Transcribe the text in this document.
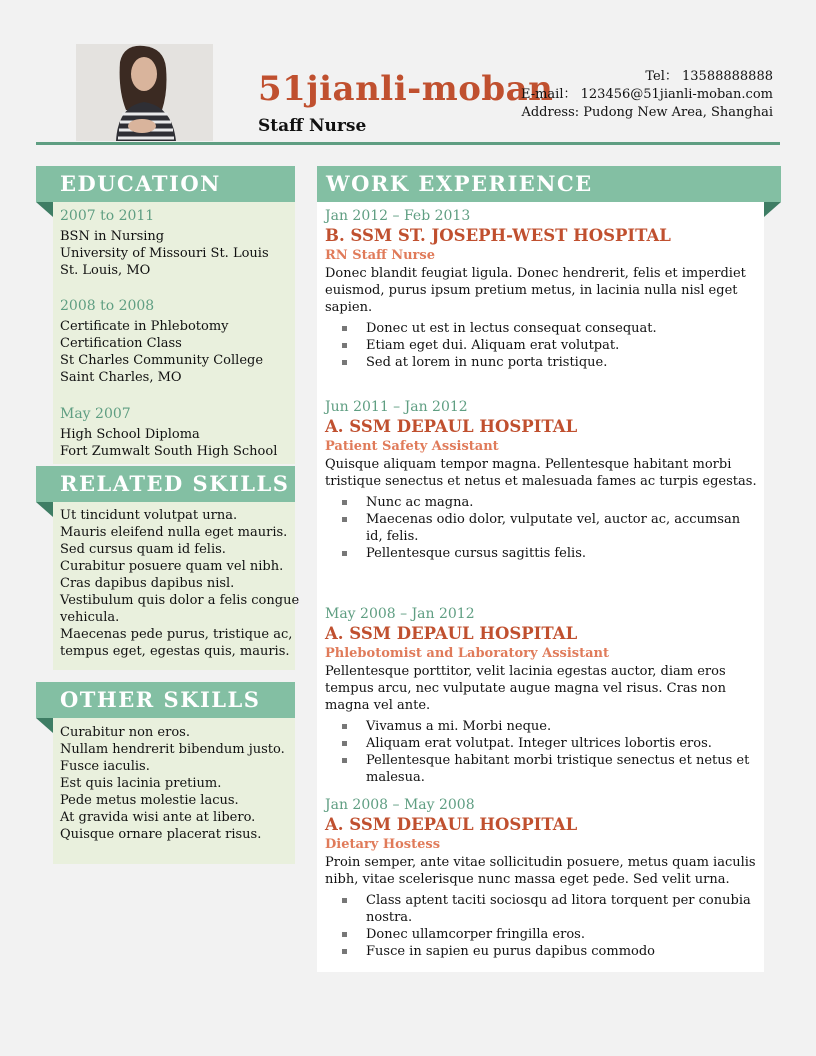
51jianli-moban
Staff Nurse
Tel： 13588888888
E-mail： 123456@51jianli-moban.com
Address: Pudong New Area, Shanghai
EDUCATION
RELATED SKILLS
OTHER SKILLS
WORK EXPERIENCE
2007 to 2011
BSN in Nursing
University of Missouri St. Louis
St. Louis, MO
2008 to 2008
Certificate in Phlebotomy
Certification Class
St Charles Community College
Saint Charles, MO
May 2007
High School Diploma
Fort Zumwalt South High School
Ut tincidunt volutpat urna.
Mauris eleifend nulla eget mauris.
Sed cursus quam id felis.
Curabitur posuere quam vel nibh.
Cras dapibus dapibus nisl.
Vestibulum quis dolor a felis congue
vehicula.
Maecenas pede purus, tristique ac,
tempus eget, egestas quis, mauris.
Curabitur non eros.
Nullam hendrerit bibendum justo.
Fusce iaculis.
Est quis lacinia pretium.
Pede metus molestie lacus.
At gravida wisi ante at libero.
Quisque ornare placerat risus.
Jan 2012 – Feb 2013
B. SSM ST. JOSEPH-WEST HOSPITAL
RN Staff Nurse
Donec blandit feugiat ligula. Donec hendrerit, felis et imperdiet euismod, purus ipsum pretium metus, in lacinia nulla nisl eget sapien.
Donec ut est in lectus consequat consequat.
Etiam eget dui. Aliquam erat volutpat.
Sed at lorem in nunc porta tristique.
Jun 2011 – Jan 2012
A. SSM DEPAUL HOSPITAL
Patient Safety Assistant
Quisque aliquam tempor magna. Pellentesque habitant morbi tristique senectus et netus et malesuada fames ac turpis egestas.
Nunc ac magna.
Maecenas odio dolor, vulputate vel, auctor ac, accumsan id, felis.
Pellentesque cursus sagittis felis.
May 2008 – Jan 2012
A. SSM DEPAUL HOSPITAL
Phlebotomist and Laboratory Assistant
Pellentesque porttitor, velit lacinia egestas auctor, diam eros tempus arcu, nec vulputate augue magna vel risus. Cras non magna vel ante.
Vivamus a mi. Morbi neque.
Aliquam erat volutpat. Integer ultrices lobortis eros.
Pellentesque habitant morbi tristique senectus et netus et malesua.
Jan 2008 – May 2008
A. SSM DEPAUL HOSPITAL
Dietary Hostess
Proin semper, ante vitae sollicitudin posuere, metus quam iaculis nibh, vitae scelerisque nunc massa eget pede. Sed velit urna.
Class aptent taciti sociosqu ad litora torquent per conubia nostra.
Donec ullamcorper fringilla eros.
Fusce in sapien eu purus dapibus commodo
